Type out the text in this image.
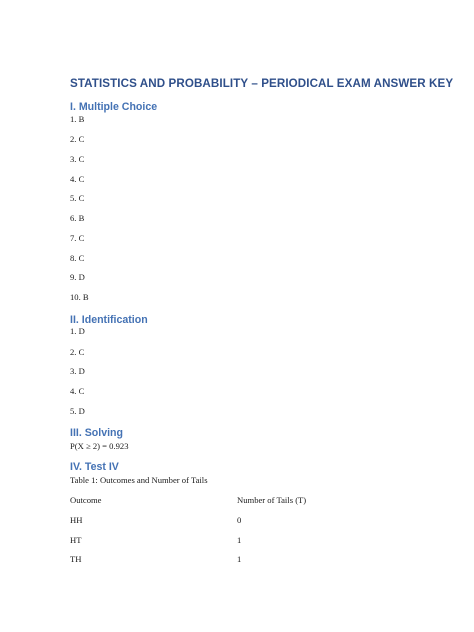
STATISTICS AND PROBABILITY – PERIODICAL EXAM ANSWER KEY
I. Multiple Choice

1. B

2. C

3. C

4. C

5. C

6. B

7. C

8. C

9. D

10. B

II. Identification

1. D

2. C

3. D

4. C

5. D

III. Solving

P(X ≥ 2) = 0.923

IV. Test IV

Table 1: Outcomes and Number of Tails

Outcome	Number of Tails (T)
HH	0
HT	1
TH	1
